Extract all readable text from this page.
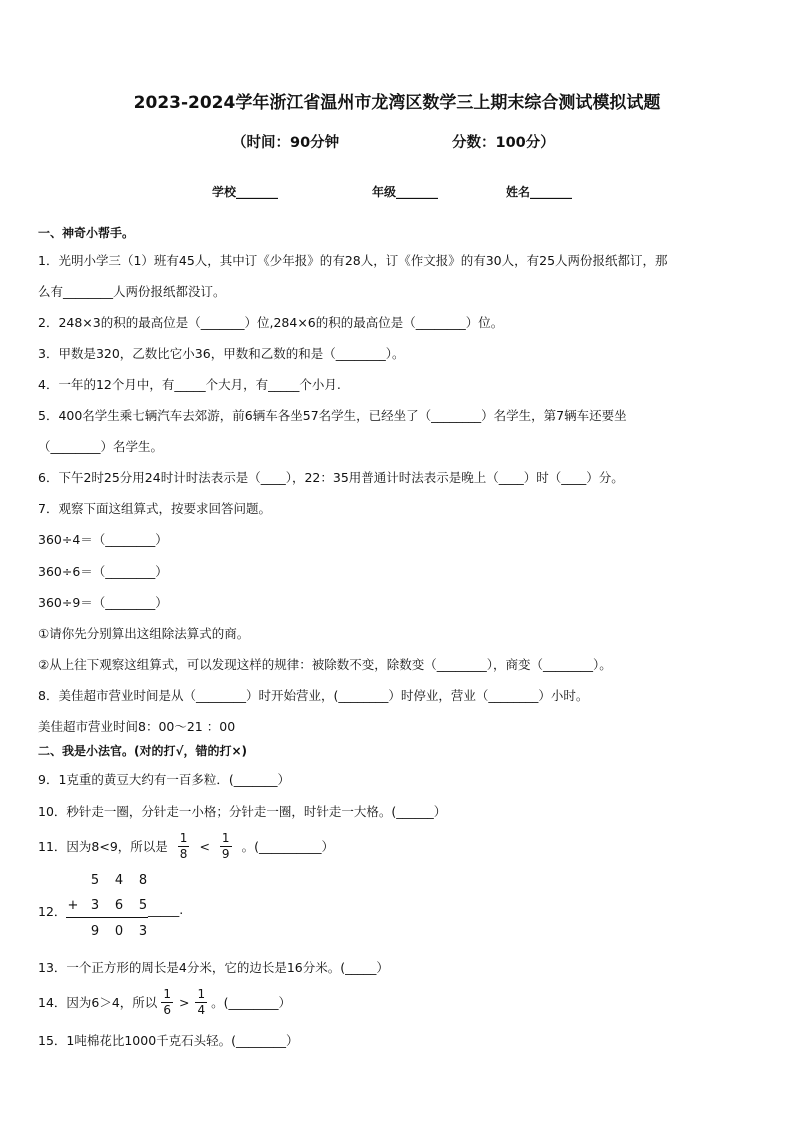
2023-2024学年浙江省温州市龙湾区数学三上期末综合测试模拟试题
（时间：90分钟	分数：100分）
学校_______	年级_______	姓名_______
一、神奇小帮手。
1．光明小学三（1）班有45人，其中订《少年报》的有28人，订《作文报》的有30人，有25人两份报纸都订，那
么有________人两份报纸都没订。
2．248×3的积的最高位是（_______）位,284×6的积的最高位是（________）位。
3．甲数是320，乙数比它小36，甲数和乙数的和是（________）。
4．一年的12个月中，有_____个大月，有_____个小月.
5．400名学生乘七辆汽车去郊游，前6辆车各坐57名学生，已经坐了（________）名学生，第7辆车还要坐
（________）名学生。
6．下午2时25分用24时计时法表示是（____），22：35用普通计时法表示是晚上（____）时（____）分。
7．观察下面这组算式，按要求回答问题。
360÷4＝（________）
360÷6＝（________）
360÷9＝（________）
①请你先分别算出这组除法算式的商。
②从上往下观察这组算式，可以发现这样的规律：被除数不变，除数变（________），商变（________）。
8．美佳超市营业时间是从（________）时开始营业，(________）时停业，营业（________）小时。
美佳超市营业时间8：00～21 ：00
二、我是小法官。(对的打√，错的打×)
9．1克重的黄豆大约有一百多粒．(_______）
10．秒针走一圈，分针走一小格；分针走一圈，时针走一大格。(______）
11．因为8<9，所以是 $\frac{1}{8} < \frac{1}{9}$ 。(__________）
12．
5	4	8
+ 3	6	5
9	0	3
_____.
13．一个正方形的周长是4分米，它的边长是16分米。(_____）
14．因为6＞4，所以 $\frac{1}{6} > \frac{1}{4}$ 。(________）
15．1吨棉花比1000千克石头轻。(________）
